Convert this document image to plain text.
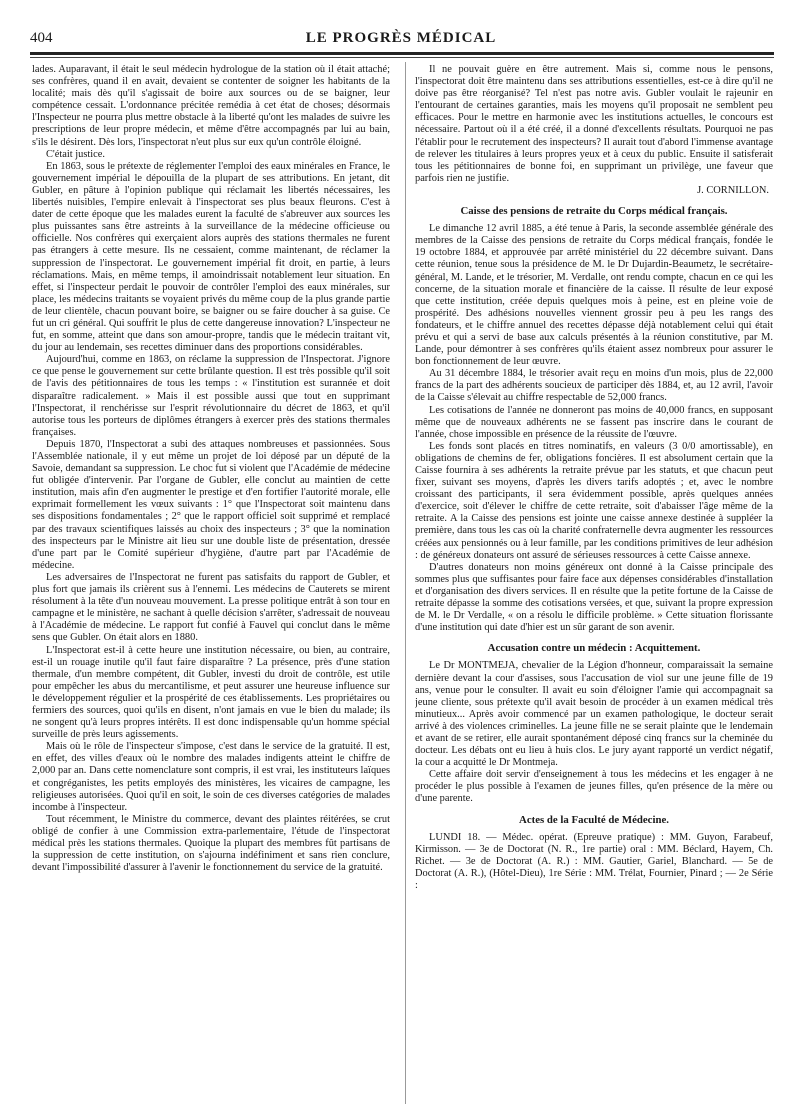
404	LE PROGRÈS MÉDICAL

lades. Auparavant, il était le seul médecin hydrologue de la station où il était attaché; ses confrères, quand il en avait, devaient se contenter de soigner les habitants de la localité; mais dès qu'il s'agissait de boire aux sources ou de se baigner, leur compétence cessait. L'ordonnance précitée remédia à cet état de choses; désormais l'Inspecteur ne pourra plus mettre obstacle à la liberté qu'ont les malades de suivre les prescriptions de leur propre médecin, et même d'être accompagnés par lui au bain, s'ils le désirent. Dès lors, l'inspectorat n'eut plus sur eux qu'un contrôle éloigné.

C'était justice.

En 1863, sous le prétexte de réglementer l'emploi des eaux minérales en France, le gouvernement impérial le dépouilla de la plupart de ses attributions. En jetant, dit Gubler, en pâture à l'opinion publique qui réclamait les libertés nécessaires, les libertés nuisibles, l'empire enlevait à l'inspectorat ses plus beaux fleurons. C'est à dater de cette époque que les malades eurent la faculté de s'abreuver aux sources les plus puissantes sans être astreints à la surveillance de la médecine officieuse ou officielle. Nos confrères qui exerçaient alors auprès des stations thermales ne furent pas étrangers à cette mesure. Ils ne cessaient, comme maintenant, de réclamer la suppression de l'inspectorat. Le gouvernement impérial fit droit, en partie, à leurs réclamations. Mais, en même temps, il amoindrissait notablement leur situation. En effet, si l'inspecteur perdait le pouvoir de contrôler l'emploi des eaux minérales, sur place, les médecins traitants se voyaient privés du même coup de la plus grande partie de leur clientèle, chacun pouvant boire, se baigner ou se faire doucher à sa guise. Ce fut un cri général. Qui souffrit le plus de cette dangereuse innovation? L'inspecteur ne fut, en somme, atteint que dans son amour-propre, tandis que le médecin traitant vit, du jour au lendemain, ses recettes diminuer dans des proportions considérables.

Aujourd'hui, comme en 1863, on réclame la suppression de l'Inspectorat. J'ignore ce que pense le gouvernement sur cette brûlante question. Il est très possible qu'il soit de l'avis des pétitionnaires de tous les temps : « l'institution est surannée et doit disparaître radicalement. » Mais il est possible aussi que tout en supprimant l'Inspectorat, il renchérisse sur l'esprit révolutionnaire du décret de 1863, et qu'il autorise tous les porteurs de diplômes étrangers à exercer près des stations thermales françaises.

Depuis 1870, l'Inspectorat a subi des attaques nombreuses et passionnées. Sous l'Assemblée nationale, il y eut même un projet de loi déposé par un député de la Savoie, demandant sa suppression. Le choc fut si violent que l'Académie de médecine fut obligée d'intervenir. Par l'organe de Gubler, elle conclut au maintien de cette institution, mais afin d'en augmenter le prestige et d'en fortifier l'autorité morale, elle exprimait formellement les vœux suivants : 1° que l'Inspectorat soit maintenu dans ses dispositions fondamentales ; 2° que le rapport officiel soit supprimé et remplacé par des travaux scientifiques laissés au choix des inspecteurs ; 3° que la nomination des inspecteurs par le Ministre ait lieu sur une double liste de présentation, dressée d'une part par le Comité supérieur d'hygiène, d'autre part par l'Académie de médecine.

Les adversaires de l'Inspectorat ne furent pas satisfaits du rapport de Gubler, et plus fort que jamais ils crièrent sus à l'ennemi. Les médecins de Cauterets se mirent résolument à la tête d'un nouveau mouvement. La presse politique entrât à son tour en campagne et le ministère, ne sachant à quelle décision s'arrêter, s'adressait de nouveau à l'Académie de médecine. Le rapport fut confié à Fauvel qui conclut dans le même sens que Gubler. On était alors en 1880.

L'Inspectorat est-il à cette heure une institution nécessaire, ou bien, au contraire, est-il un rouage inutile qu'il faut faire disparaître ? La présence, près d'une station thermale, d'un membre compétent, dit Gubler, investi du droit de contrôle, est utile pour empêcher les abus du mercantilisme, et peut assurer une heureuse influence sur le développement régulier et la prospérité de ces établissements. Les propriétaires ou fermiers des sources, quoi qu'ils en disent, n'ont jamais en vue le bien du malade; ils ne songent qu'à leurs propres intérêts. Il est donc indispensable qu'un homme spécial surveille de près leurs agissements.

Mais où le rôle de l'inspecteur s'impose, c'est dans le service de la gratuité. Il est, en effet, des villes d'eaux où le nombre des malades indigents atteint le chiffre de 2,000 par an. Dans cette nomenclature sont compris, il est vrai, les instituteurs laïques et congréganistes, les petits employés des ministères, les vicaires de campagne, les religieuses autorisées. Quoi qu'il en soit, le soin de ces diverses catégories de malades incombe à l'inspecteur.

Tout récemment, le Ministre du commerce, devant des plaintes réitérées, se crut obligé de confier à une Commission extra-parlementaire, l'étude de l'inspectorat médical près les stations thermales. Quoique la plupart des membres fût partisans de la suppression de cette institution, on s'ajourna indéfiniment et sans rien conclure, devant l'impossibilité d'assurer à l'avenir le fonctionnement du service de la gratuité.

Il ne pouvait guère en être autrement. Mais si, comme nous le pensons, l'inspectorat doit être maintenu dans ses attributions essentielles, est-ce à dire qu'il ne doive pas être réorganisé? Tel n'est pas notre avis. Gubler voulait le rajeunir en l'entourant de certaines garanties, mais les moyens qu'il proposait ne semblent peu efficaces. Pour le mettre en harmonie avec les institutions actuelles, le concours est nécessaire. Partout où il a été créé, il a donné d'excellents résultats. Pourquoi ne pas l'établir pour le recrutement des inspecteurs? Il aurait tout d'abord l'immense avantage de relever les titulaires à leurs propres yeux et à ceux du public. Ensuite il satisferait tous les pétitionnaires de bonne foi, en supprimant un privilège, une faveur que parfois rien ne justifie.

J. CORNILLON.
Caisse des pensions de retraite du Corps médical français.

Le dimanche 12 avril 1885, a été tenue à Paris, la seconde assemblée générale des membres de la Caisse des pensions de retraite du Corps médical français, fondée le 19 octobre 1884, et approuvée par arrêté ministériel du 22 décembre suivant. Dans cette réunion, tenue sous la présidence de M. le Dr Dujardin-Beaumetz, le secrétaire-général, M. Lande, et le trésorier, M. Verdalle, ont rendu compte, chacun en ce qui les concerne, de la situation morale et financière de la caisse. Il résulte de leur exposé que cette institution, créée depuis quelques mois à peine, est en pleine voie de prospérité. Des adhésions nouvelles viennent grossir peu à peu les rangs des fondateurs, et le chiffre annuel des recettes dépasse déjà notablement celui qui était prévu et qui a servi de base aux calculs présentés à la réunion constitutive, par M. Lande, pour démontrer à ses confrères qu'ils étaient assez nombreux pour assurer le bon fonctionnement de leur œuvre.

Au 31 décembre 1884, le trésorier avait reçu en moins d'un mois, plus de 22,000 francs de la part des adhérents soucieux de participer dès 1884, et, au 12 avril, l'avoir de la Caisse s'élevait au chiffre respectable de 52,000 francs.

Les cotisations de l'année ne donneront pas moins de 40,000 francs, en supposant même que de nouveaux adhérents ne se fassent pas inscrire dans le courant de l'année, chose impossible en présence de la réussite de l'œuvre.

Les fonds sont placés en titres nominatifs, en valeurs (3 0/0 amortissable), en obligations de chemins de fer, obligations foncières. Il est absolument certain que la Caisse fournira à ses adhérents la retraite prévue par les statuts, et que chacun peut fixer, suivant ses moyens, d'après les divers tarifs adoptés ; et, avec le nombre croissant des participants, il sera évidemment possible, après quelques années d'exercice, soit d'élever le chiffre de cette retraite, soit d'abaisser l'âge même de la retraite. A la Caisse des pensions est jointe une caisse annexe destinée à suppléer la première, dans tous les cas où la charité confraternelle devra augmenter les ressources créées aux pensionnés ou à leur famille, par les conditions primitives de leur adhésion : de généreux donateurs ont assuré de sérieuses ressources à cette Caisse annexe.

D'autres donateurs non moins généreux ont donné à la Caisse principale des sommes plus que suffisantes pour faire face aux dépenses considérables d'installation et d'organisation des divers services. Il en résulte que la petite fortune de la Caisse de retraite dépasse la somme des cotisations versées, et que, suivant la propre expression de M. le Dr Verdalle, « on a résolu le difficile problème. » Cette situation florissante d'une institution qui date d'hier est un sûr garant de son avenir.

Accusation contre un médecin : Acquittement.

Le Dr MONTMEJA, chevalier de la Légion d'honneur, comparaissait la semaine dernière devant la cour d'assises, sous l'accusation de viol sur une jeune fille de 19 ans, venue pour le consulter. Il avait eu soin d'éloigner l'amie qui accompagnait sa jeune cliente, sous prétexte qu'il avait besoin de procéder à un examen médical très minutieux... Après avoir commencé par un examen pathologique, le docteur serait arrivé à des violences criminelles. La jeune fille ne se serait plainte que le lendemain et avant de se retirer, elle aurait spontanément déposé cinq francs sur la cheminée du docteur. Les débats ont eu lieu à huis clos. Le jury ayant rapporté un verdict négatif, la cour a acquitté le Dr Montmeja.

Cette affaire doit servir d'enseignement à tous les médecins et les engager à ne procéder le plus possible à l'examen de jeunes filles, qu'en présence de la mère ou d'une parente.

Actes de la Faculté de Médecine.

LUNDI 18. — Médec. opérat. (Epreuve pratique) : MM. Guyon, Farabeuf, Kirmisson. — 3e de Doctorat (N. R., 1re partie) oral : MM. Béclard, Hayem, Ch. Richet. — 3e de Doctorat (A. R.) : MM. Gautier, Gariel, Blanchard. — 5e de Doctorat (A. R.), (Hôtel-Dieu), 1re Série : MM. Trélat, Fournier, Pinard ; — 2e Série :
